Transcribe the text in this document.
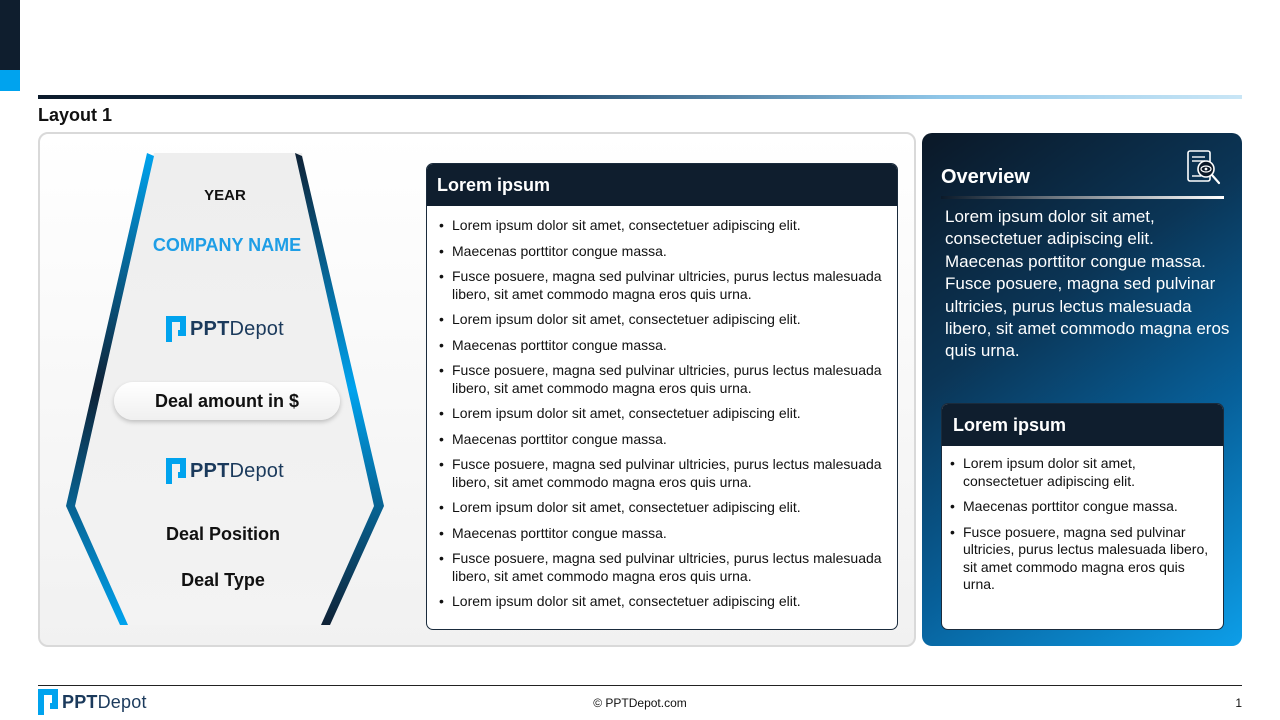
Layout 1
YEAR
COMPANY NAME
PPTDepot
Deal amount in $
PPTDepot
Deal Position
Deal Type
Lorem ipsum
• Lorem ipsum dolor sit amet, consectetuer adipiscing elit.
• Maecenas porttitor congue massa.
• Fusce posuere, magna sed pulvinar ultricies, purus lectus malesuada libero, sit amet commodo magna eros quis urna.
• Lorem ipsum dolor sit amet, consectetuer adipiscing elit.
• Maecenas porttitor congue massa.
• Fusce posuere, magna sed pulvinar ultricies, purus lectus malesuada libero, sit amet commodo magna eros quis urna.
• Lorem ipsum dolor sit amet, consectetuer adipiscing elit.
• Maecenas porttitor congue massa.
• Fusce posuere, magna sed pulvinar ultricies, purus lectus malesuada libero, sit amet commodo magna eros quis urna.
• Lorem ipsum dolor sit amet, consectetuer adipiscing elit.
• Maecenas porttitor congue massa.
• Fusce posuere, magna sed pulvinar ultricies, purus lectus malesuada libero, sit amet commodo magna eros quis urna.
• Lorem ipsum dolor sit amet, consectetuer adipiscing elit.
Overview
Lorem ipsum dolor sit amet, consectetuer adipiscing elit. Maecenas porttitor congue massa. Fusce posuere, magna sed pulvinar ultricies, purus lectus malesuada libero, sit amet commodo magna eros quis urna.
Lorem ipsum
• Lorem ipsum dolor sit amet, consectetuer adipiscing elit.
• Maecenas porttitor congue massa.
• Fusce posuere, magna sed pulvinar ultricies, purus lectus malesuada libero, sit amet commodo magna eros quis urna.
PPTDepot	© PPTDepot.com	1
